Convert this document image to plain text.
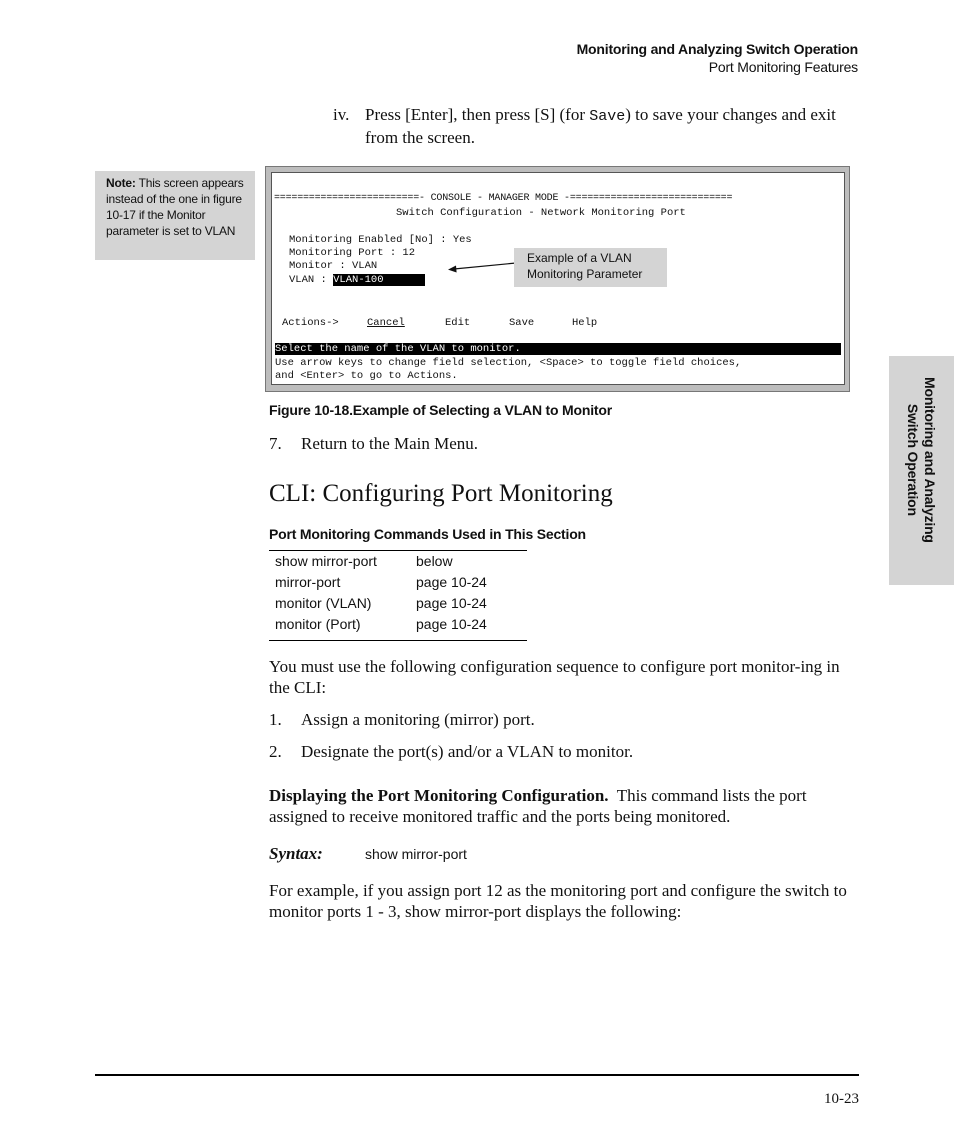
Monitoring and Analyzing Switch Operation
Port Monitoring Features
iv. Press [Enter], then press [S] (for Save) to save your changes and exit from the screen.
Note: This screen appears instead of the one in figure 10-17 if the Monitor parameter is set to VLAN
=========================- CONSOLE - MANAGER MODE -============================
Switch Configuration - Network Monitoring Port
Monitoring Enabled [No] : Yes
Monitoring Port : 12
Monitor : VLAN
VLAN : VLAN-100
Actions->	Cancel	Edit	Save	Help
Select the name of the VLAN to monitor.
Use arrow keys to change field selection, <Space> to toggle field choices,
and <Enter> to go to Actions.
Example of a VLAN Monitoring Parameter
Figure 10-18.Example of Selecting a VLAN to Monitor
7. Return to the Main Menu.
CLI: Configuring Port Monitoring
Port Monitoring Commands Used in This Section
show mirror-port	below
mirror-port	page 10-24
monitor (VLAN)	page 10-24
monitor (Port)	page 10-24
You must use the following configuration sequence to configure port monitor-ing in the CLI:
1. Assign a monitoring (mirror) port.
2. Designate the port(s) and/or a VLAN to monitor.
Displaying the Port Monitoring Configuration.  This command lists the port assigned to receive monitored traffic and the ports being monitored.
Syntax:	show mirror-port
For example, if you assign port 12 as the monitoring port and configure the switch to monitor ports 1 - 3, show mirror-port displays the following:
Monitoring and Analyzing
Switch Operation
10-23
